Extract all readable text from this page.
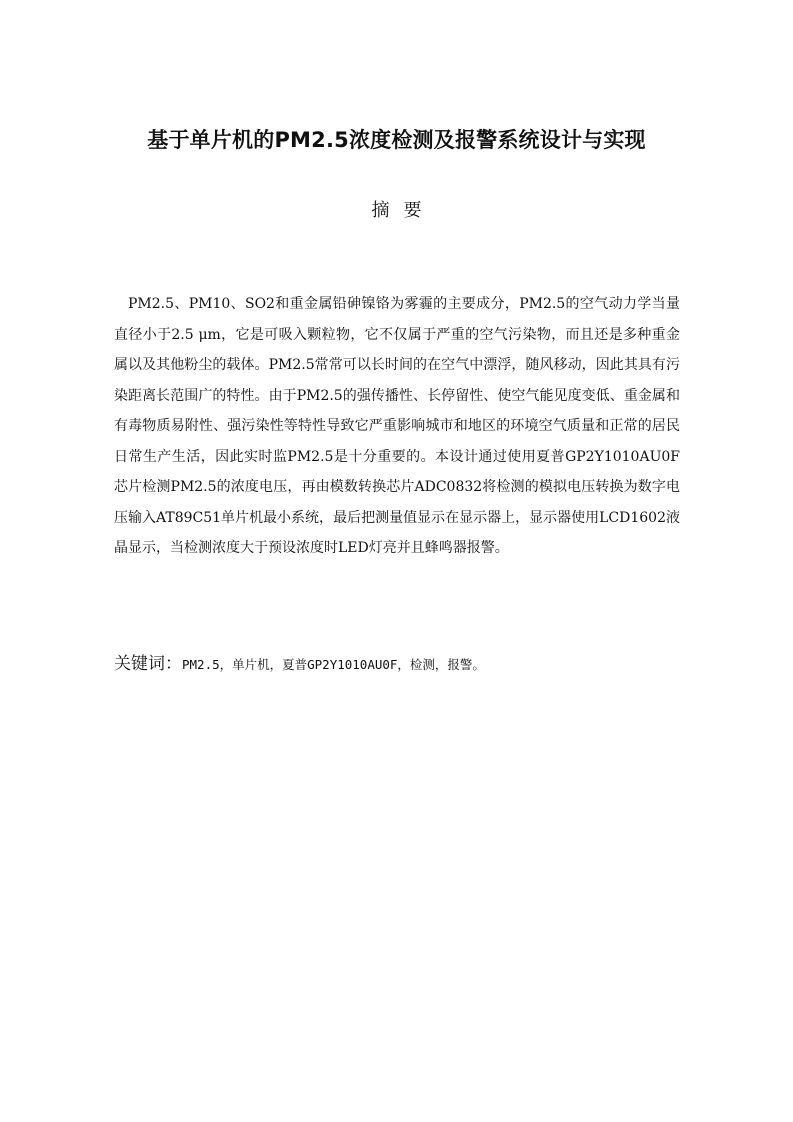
基于单片机的PM2.5浓度检测及报警系统设计与实现
摘要
PM2.5、PM10、SO2和重金属铅砷镍铬为雾霾的主要成分，PM2.5的空气动力学当量直径小于2.5 μm，它是可吸入颗粒物，它不仅属于严重的空气污染物，而且还是多种重金属以及其他粉尘的载体。PM2.5常常可以长时间的在空气中漂浮，随风移动，因此其具有污染距离长范围广的特性。由于PM2.5的强传播性、长停留性、使空气能见度变低、重金属和有毒物质易附性、强污染性等特性导致它严重影响城市和地区的环境空气质量和正常的居民日常生产生活，因此实时监PM2.5是十分重要的。本设计通过使用夏普GP2Y1010AU0F芯片检测PM2.5的浓度电压，再由模数转换芯片ADC0832将检测的模拟电压转换为数字电压输入AT89C51单片机最小系统，最后把测量值显示在显示器上，显示器使用LCD1602液晶显示，当检测浓度大于预设浓度时LED灯亮并且蜂鸣器报警。
关键词：PM2.5，单片机，夏普GP2Y1010AU0F，检测，报警。
